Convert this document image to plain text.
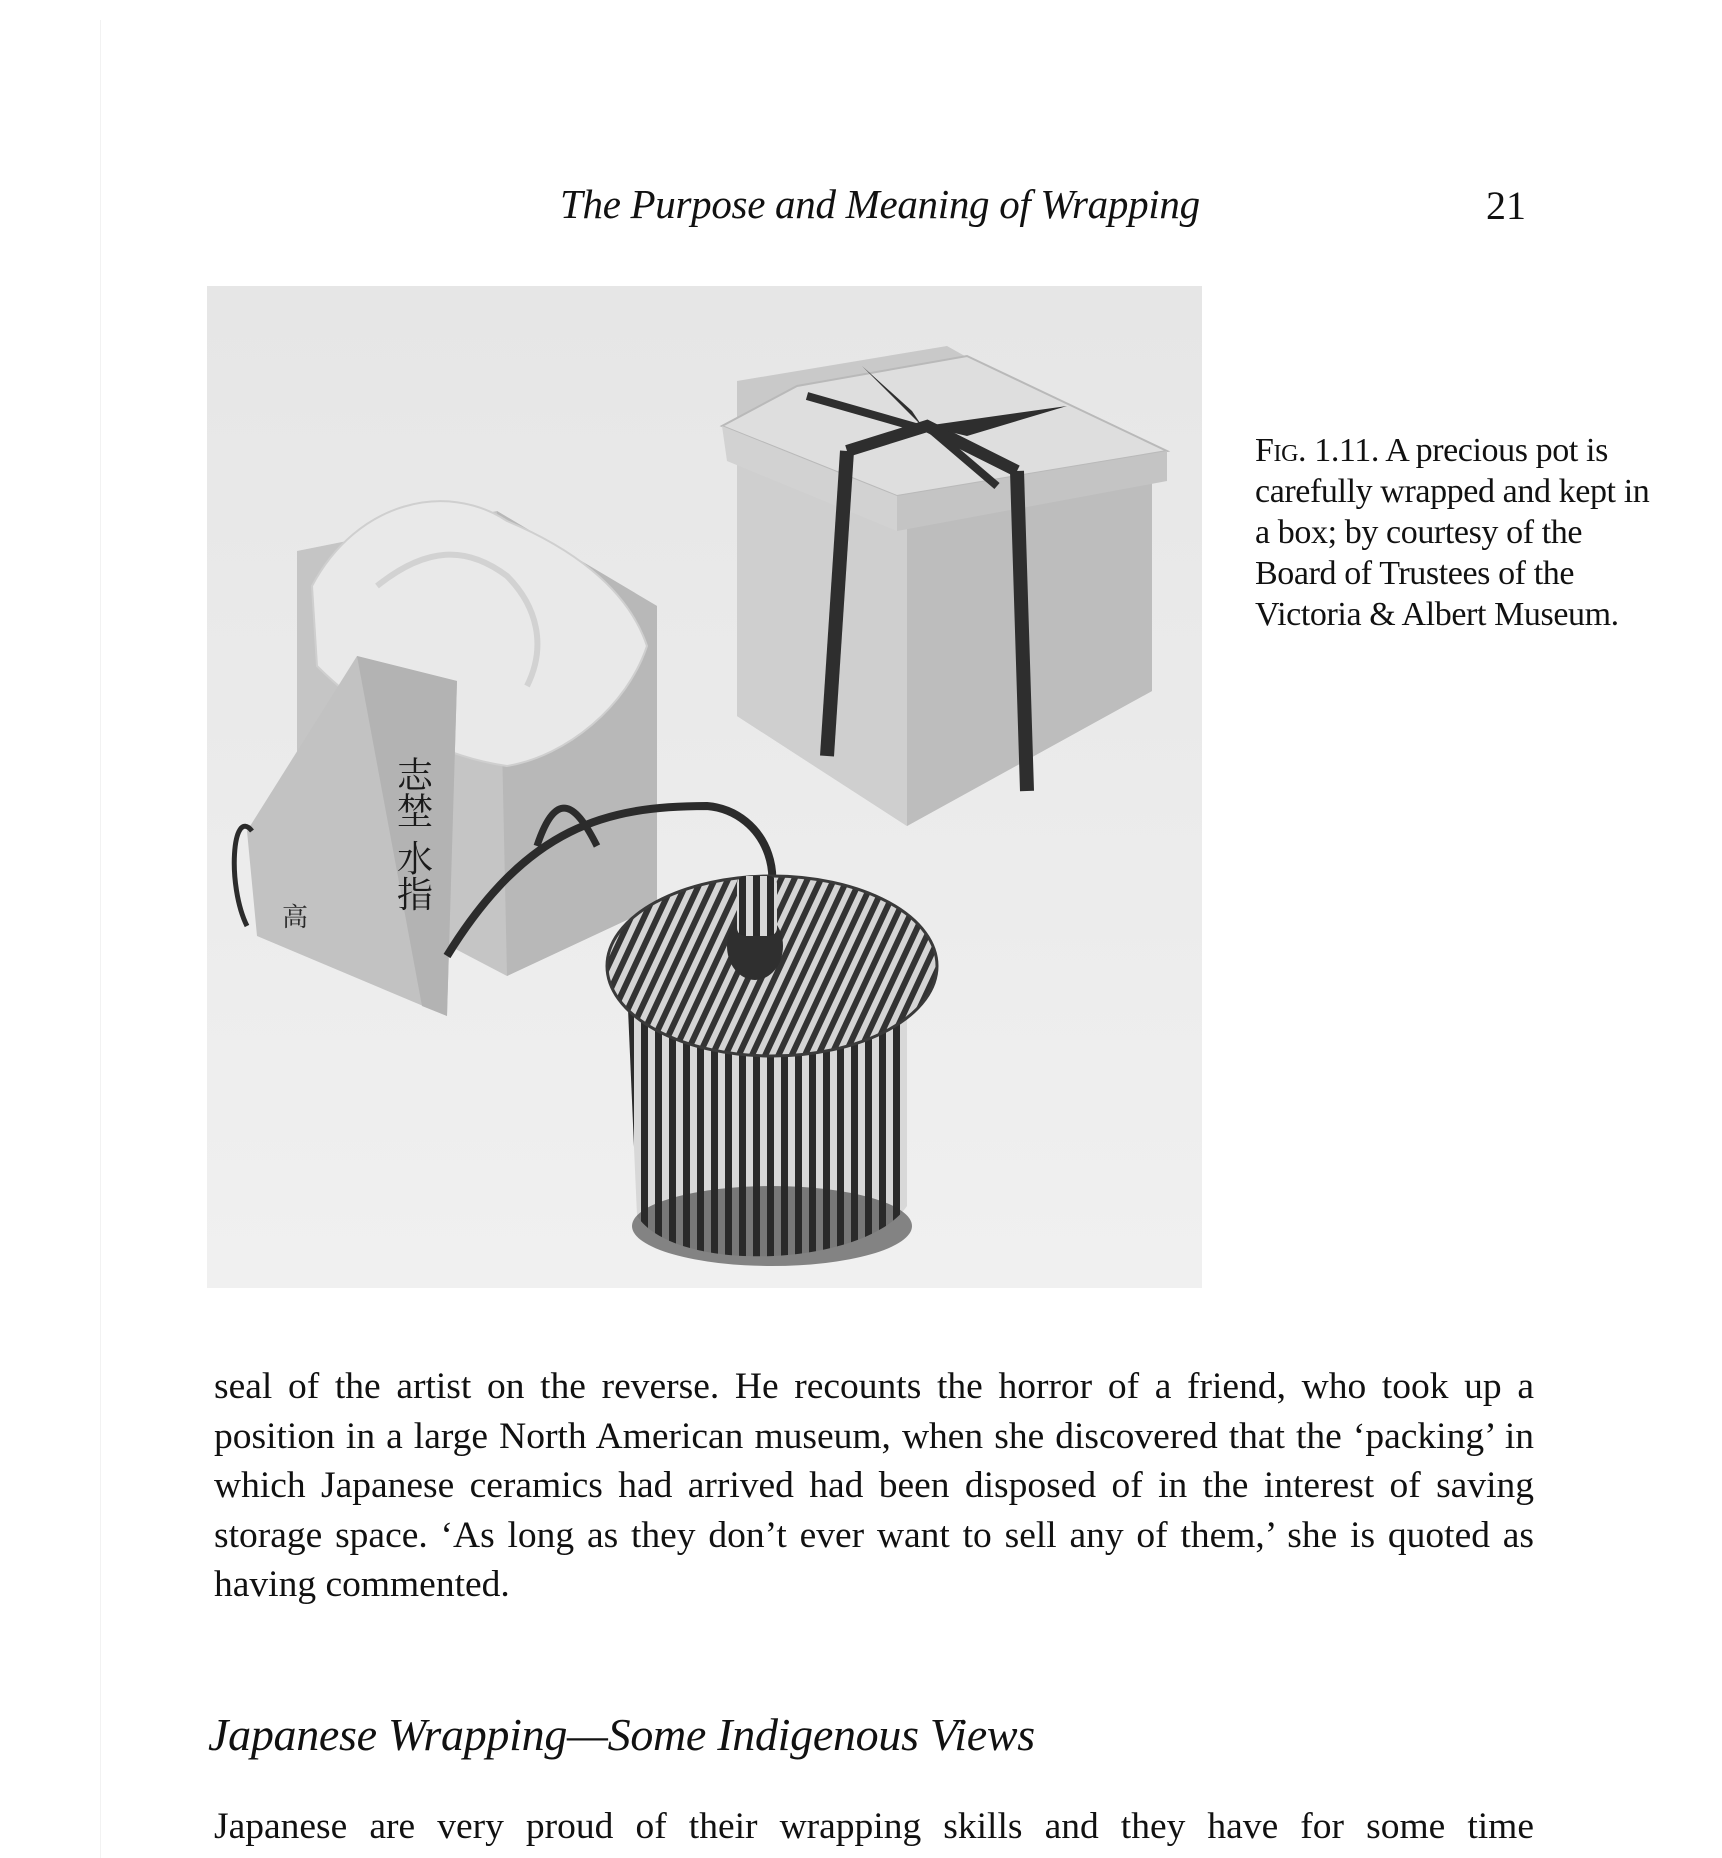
The Purpose and Meaning of Wrapping	21
志埜 水指
高
Fig. 1.11. A precious pot is carefully wrapped and kept in a box; by courtesy of the Board of Trustees of the Victoria & Albert Museum.

seal of the artist on the reverse. He recounts the horror of a friend, who took up a position in a large North American museum, when she discovered that the ‘packing’ in which Japanese ceramics had arrived had been disposed of in the interest of saving storage space. ‘As long as they don’t ever want to sell any of them,’ she is quoted as having commented.

Japanese Wrapping—Some Indigenous Views

Japanese are very proud of their wrapping skills and they have for some time
